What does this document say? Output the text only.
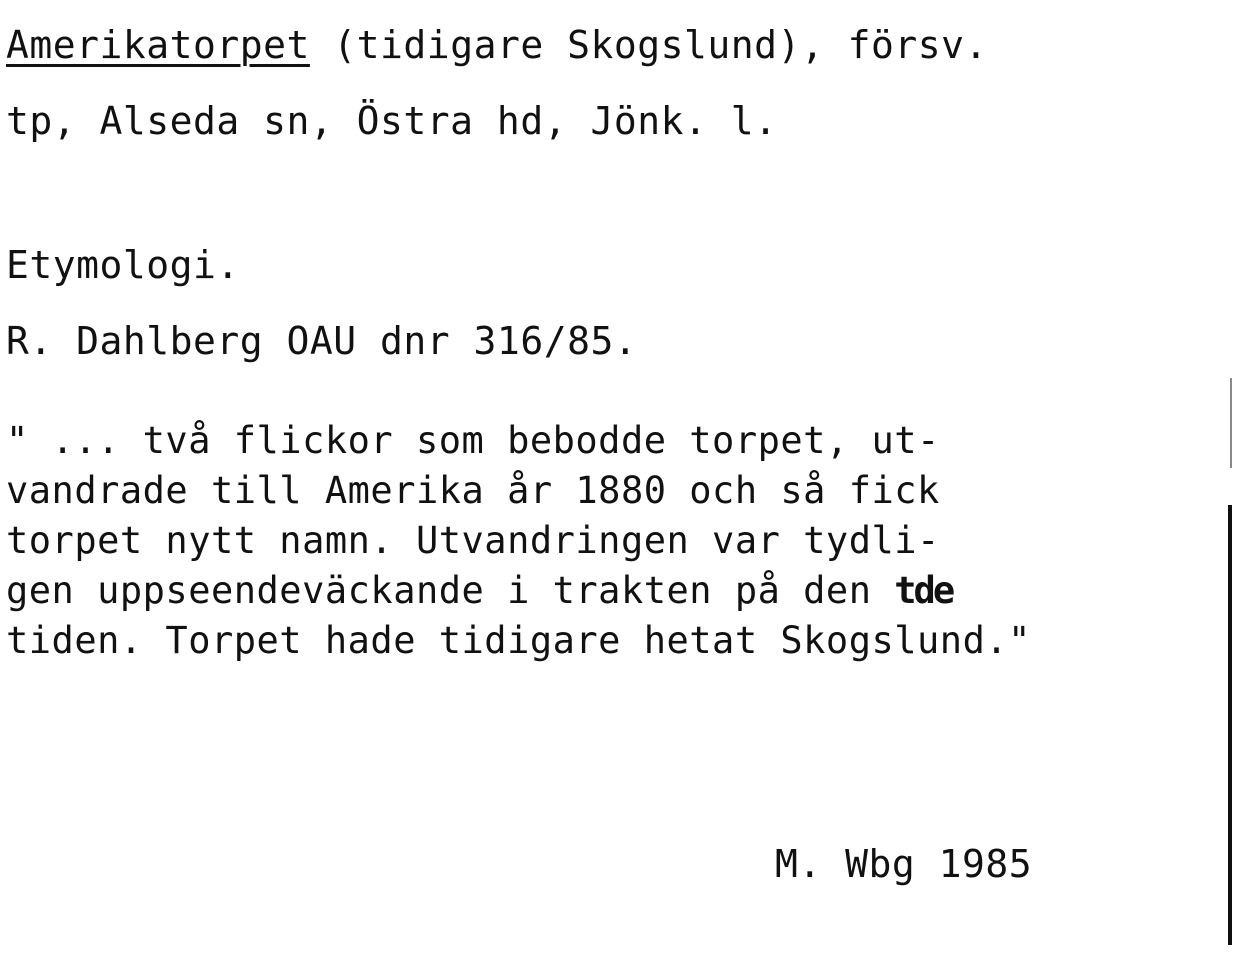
Amerikatorpet (tidigare Skogslund), försv.
tp, Alseda sn, Östra hd, Jönk. l.
Etymologi.
R. Dahlberg OAU dnr 316/85.
" ... två flickor som bebodde torpet, ut-
vandrade till Amerika år 1880 och så fick
torpet nytt namn. Utvandringen var tydli-
gen uppseendeväckande i trakten på den tde
tiden. Torpet hade tidigare hetat Skogslund."
M. Wbg 1985
